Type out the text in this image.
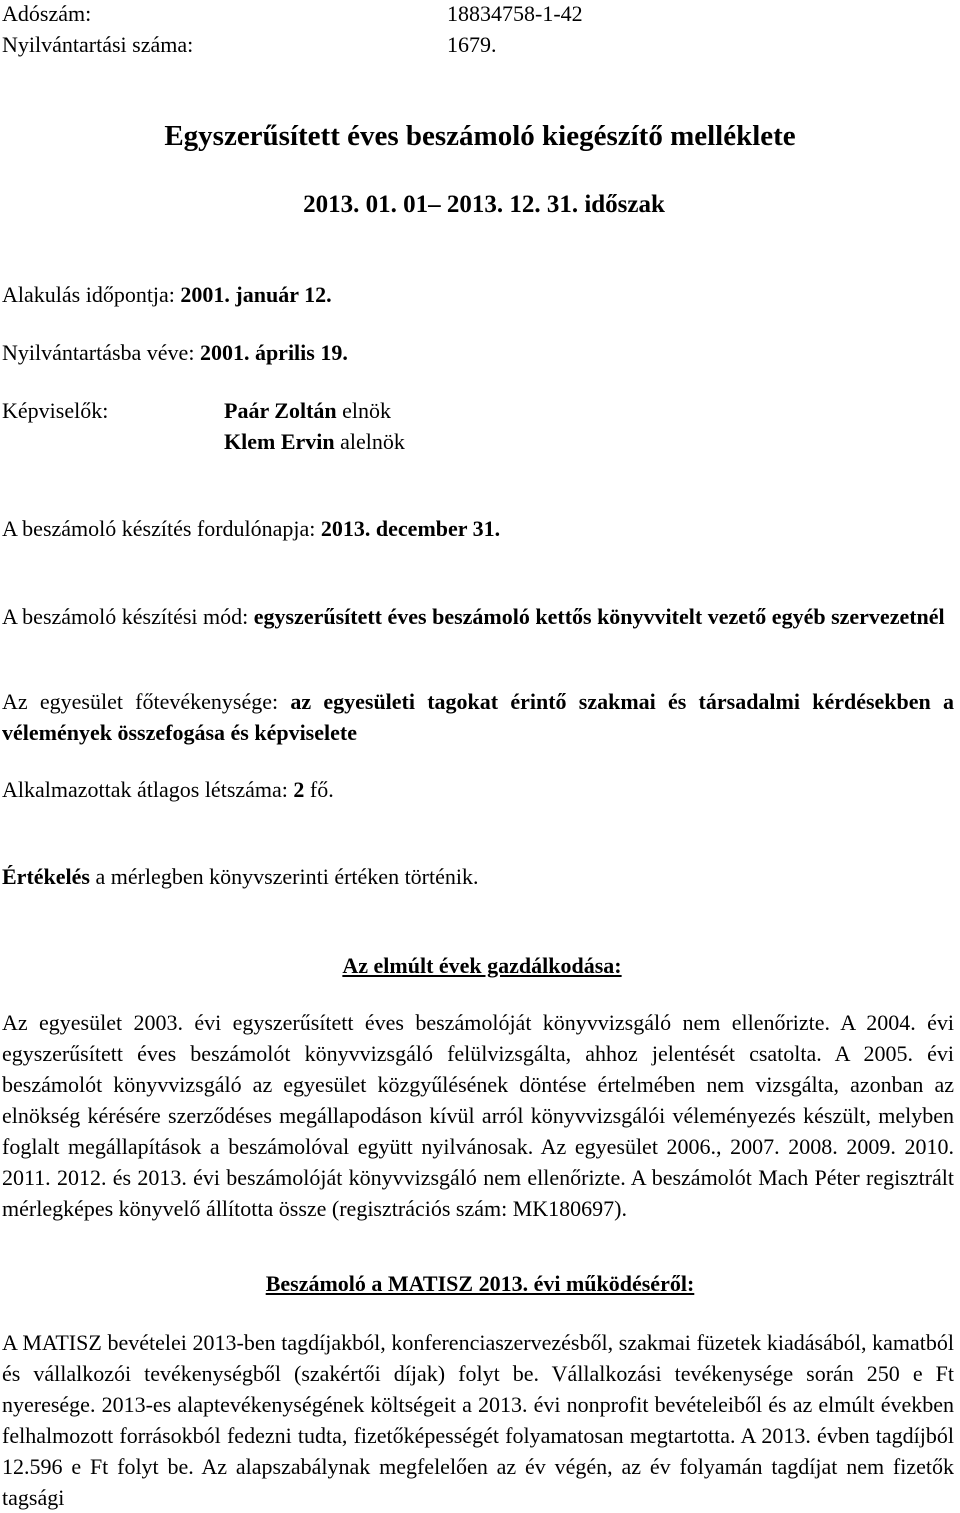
Adószám:	18834758-1-42

Nyilvántartási száma:	1679.

Egyszerűsített éves beszámoló kiegészítő melléklete

2013. 01. 01– 2013. 12. 31. időszak

Alakulás időpontja: 2001. január 12.

Nyilvántartásba véve: 2001. április 19.

Képviselők:	Paár Zoltán elnök

Klem Ervin alelnök

A beszámoló készítés fordulónapja: 2013. december 31.

A beszámoló készítési mód: egyszerűsített éves beszámoló kettős könyvvitelt vezető egyéb szervezetnél

Az egyesület főtevékenysége: az egyesületi tagokat érintő szakmai és társadalmi kérdésekben a vélemények összefogása és képviselete

Alkalmazottak átlagos létszáma: 2 fő.

Értékelés a mérlegben könyvszerinti értéken történik.

Az elmúlt évek gazdálkodása:

Az egyesület 2003. évi egyszerűsített éves beszámolóját könyvvizsgáló nem ellenőrizte. A 2004. évi egyszerűsített éves beszámolót könyvvizsgáló felülvizsgálta, ahhoz jelentését csatolta. A 2005. évi beszámolót könyvvizsgáló az egyesület közgyűlésének döntése értelmében nem vizsgálta, azonban az elnökség kérésére szerződéses megállapodáson kívül arról könyvvizsgálói véleményezés készült, melyben foglalt megállapítások a beszámolóval együtt nyilvánosak. Az egyesület 2006., 2007. 2008. 2009. 2010. 2011. 2012. és 2013. évi beszámolóját könyvvizsgáló nem ellenőrizte. A beszámolót Mach Péter regisztrált mérlegképes könyvelő állította össze (regisztrációs szám: MK180697).

Beszámoló a MATISZ 2013. évi működéséről:

A MATISZ bevételei 2013-ben tagdíjakból, konferenciaszervezésből, szakmai füzetek kiadásából, kamatból és vállalkozói tevékenységből (szakértői díjak) folyt be. Vállalkozási tevékenysége során 250 e Ft nyeresége. 2013-es alaptevékenységének költségeit a 2013. évi nonprofit bevételeiből és az elmúlt években felhalmozott forrásokból fedezni tudta, fizetőképességét folyamatosan megtartotta. A 2013. évben tagdíjból 12.596 e Ft folyt be. Az alapszabálynak megfelelően az év végén, az év folyamán tagdíjat nem fizetők tagsági
